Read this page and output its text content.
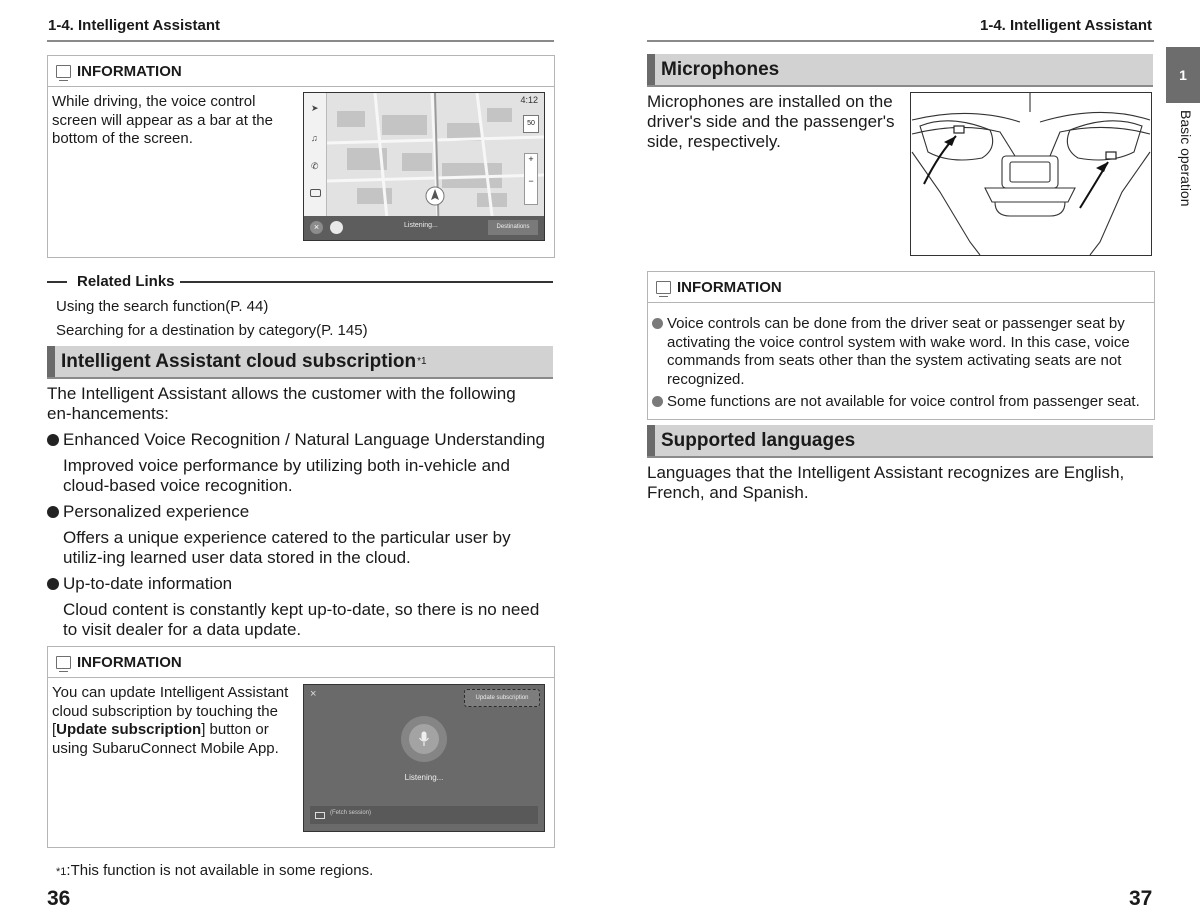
1-4. Intelligent Assistant
INFORMATION
While driving, the voice control screen will appear as a bar at the bottom of the screen.
➤
♫
✆
4:12
50
+
−
×	Listening...	Destinations
Related Links
Using the search function(P. 44)
Searching for a destination by category(P. 145)
Intelligent Assistant cloud subscription *1
The Intelligent Assistant allows the customer with the following en-hancements:
Enhanced Voice Recognition / Natural Language Understanding
Improved voice performance by utilizing both in-vehicle and cloud-based voice recognition.
Personalized experience
Offers a unique experience catered to the particular user by utiliz-ing learned user data stored in the cloud.
Up-to-date information
Cloud content is constantly kept up-to-date, so there is no need to visit dealer for a data update.
INFORMATION
You can update Intelligent Assistant cloud subscription by touching the [Update subscription] button or using SubaruConnect Mobile App.
×	Update subscription
Listening...
(Fetch session)
*1:This function is not available in some regions.
36
1-4. Intelligent Assistant
1
Basic operation
Microphones
Microphones are installed on the driver's side and the passenger's side, respectively.
INFORMATION
Voice controls can be done from the driver seat or passenger seat by activating the voice control system with wake word. In this case, voice commands from seats other than the system activating seats are not recognized.
Some functions are not available for voice control from passenger seat.
Supported languages
Languages that the Intelligent Assistant recognizes are English, French, and Spanish.
37
